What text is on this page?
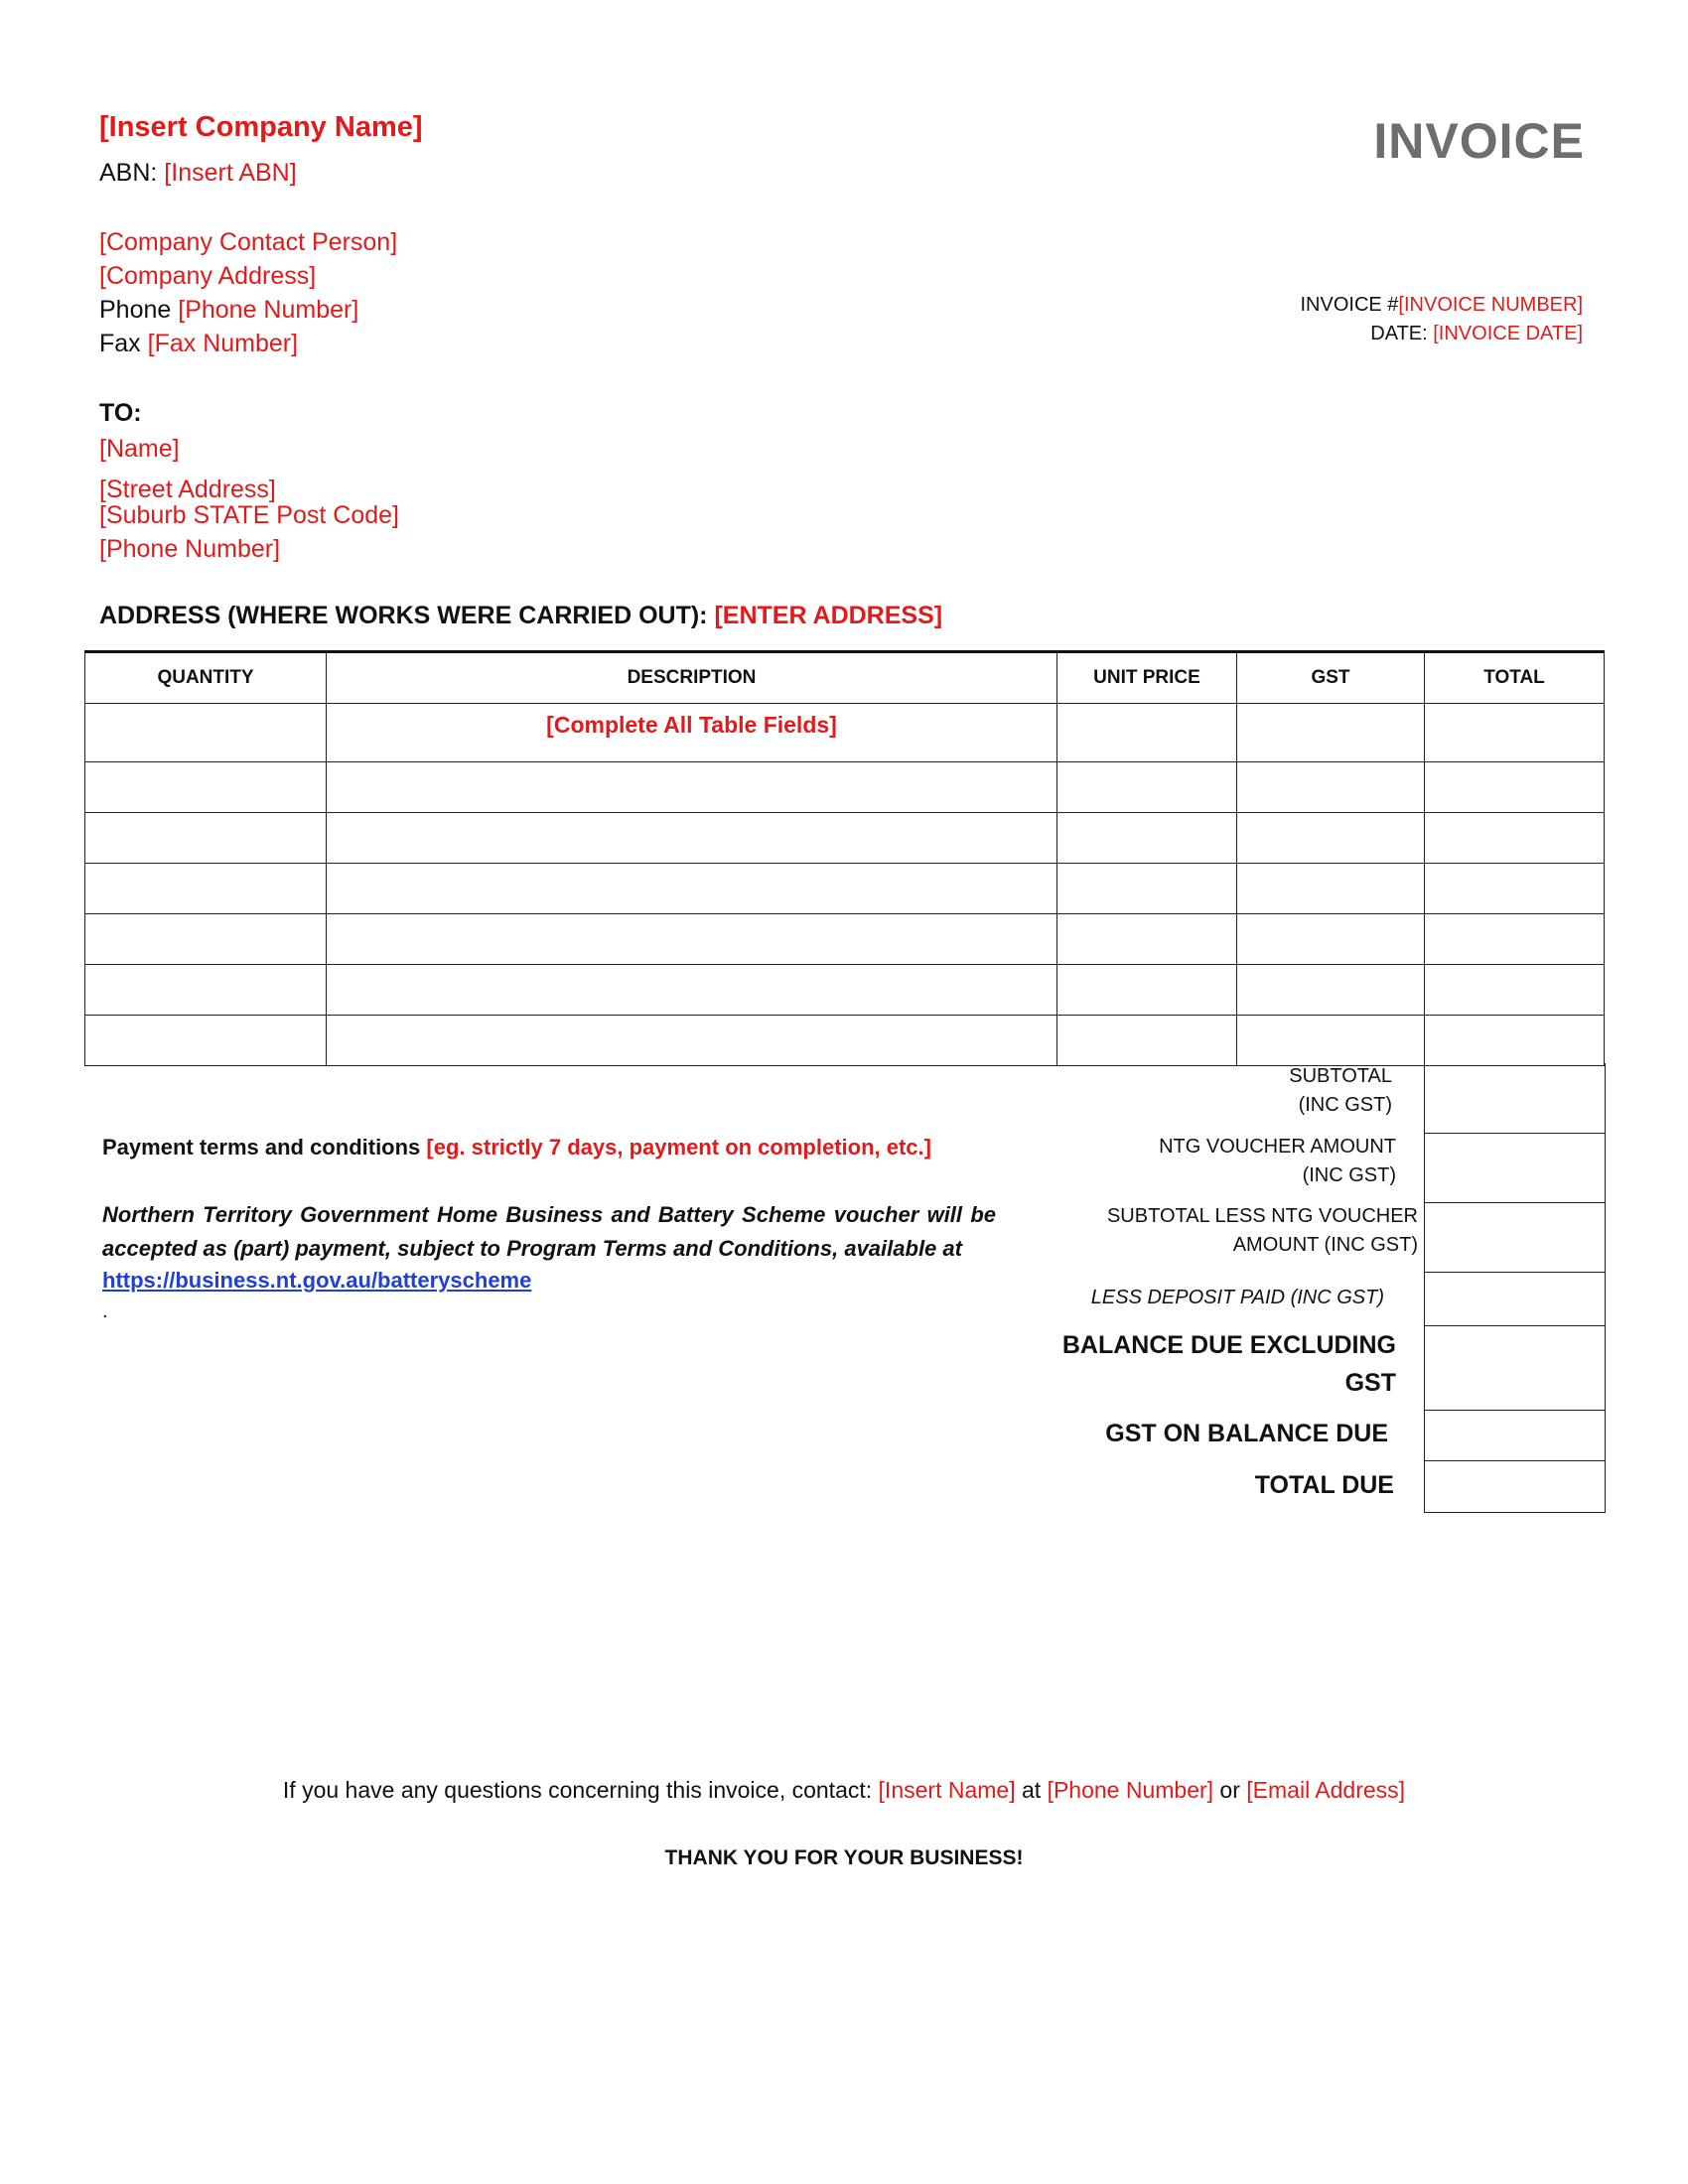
[Insert Company Name]
ABN: [Insert ABN]
[Company Contact Person]
[Company Address]
Phone [Phone Number]
Fax [Fax Number]
INVOICE
INVOICE #[INVOICE NUMBER]
DATE: [INVOICE DATE]
TO:
[Name]
[Street Address]
[Suburb STATE Post Code]
[Phone Number]
ADDRESS (WHERE WORKS WERE CARRIED OUT): [ENTER ADDRESS]
QUANTITY	DESCRIPTION	UNIT PRICE	GST	TOTAL
	[Complete All Table Fields]			

SUBTOTAL
(INC GST)
NTG VOUCHER AMOUNT
(INC GST)
SUBTOTAL LESS NTG VOUCHER
AMOUNT (INC GST)
LESS DEPOSIT PAID (INC GST)
BALANCE DUE EXCLUDING
GST
GST ON BALANCE DUE
TOTAL DUE
Payment terms and conditions [eg. strictly 7 days, payment on completion, etc.]
Northern Territory Government Home Business and Battery Scheme voucher will be accepted as (part) payment, subject to Program Terms and Conditions, available at
https://business.nt.gov.au/batteryscheme
.
If you have any questions concerning this invoice, contact: [Insert Name] at [Phone Number] or [Email Address]
THANK YOU FOR YOUR BUSINESS!
